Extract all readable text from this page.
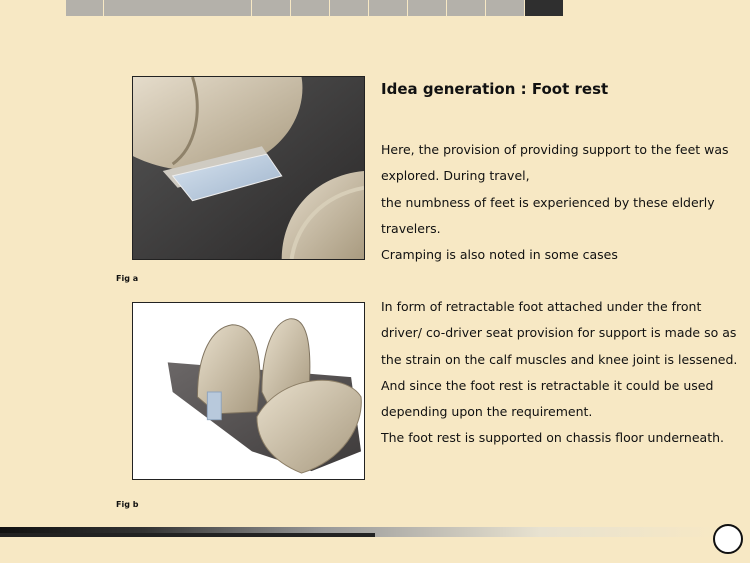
Fig a
Fig b
Idea generation : Foot rest
Here, the provision of providing support to the feet was
explored. During travel,
the numbness of feet is experienced by these elderly
travelers.
Cramping is also noted in some cases
In form of retractable foot attached under the front
driver/ co-driver seat provision for support is made so as
the strain on the calf muscles and knee joint is lessened.
And since the foot rest is retractable it could be used
depending upon the requirement.
The foot rest is supported on chassis floor underneath.
